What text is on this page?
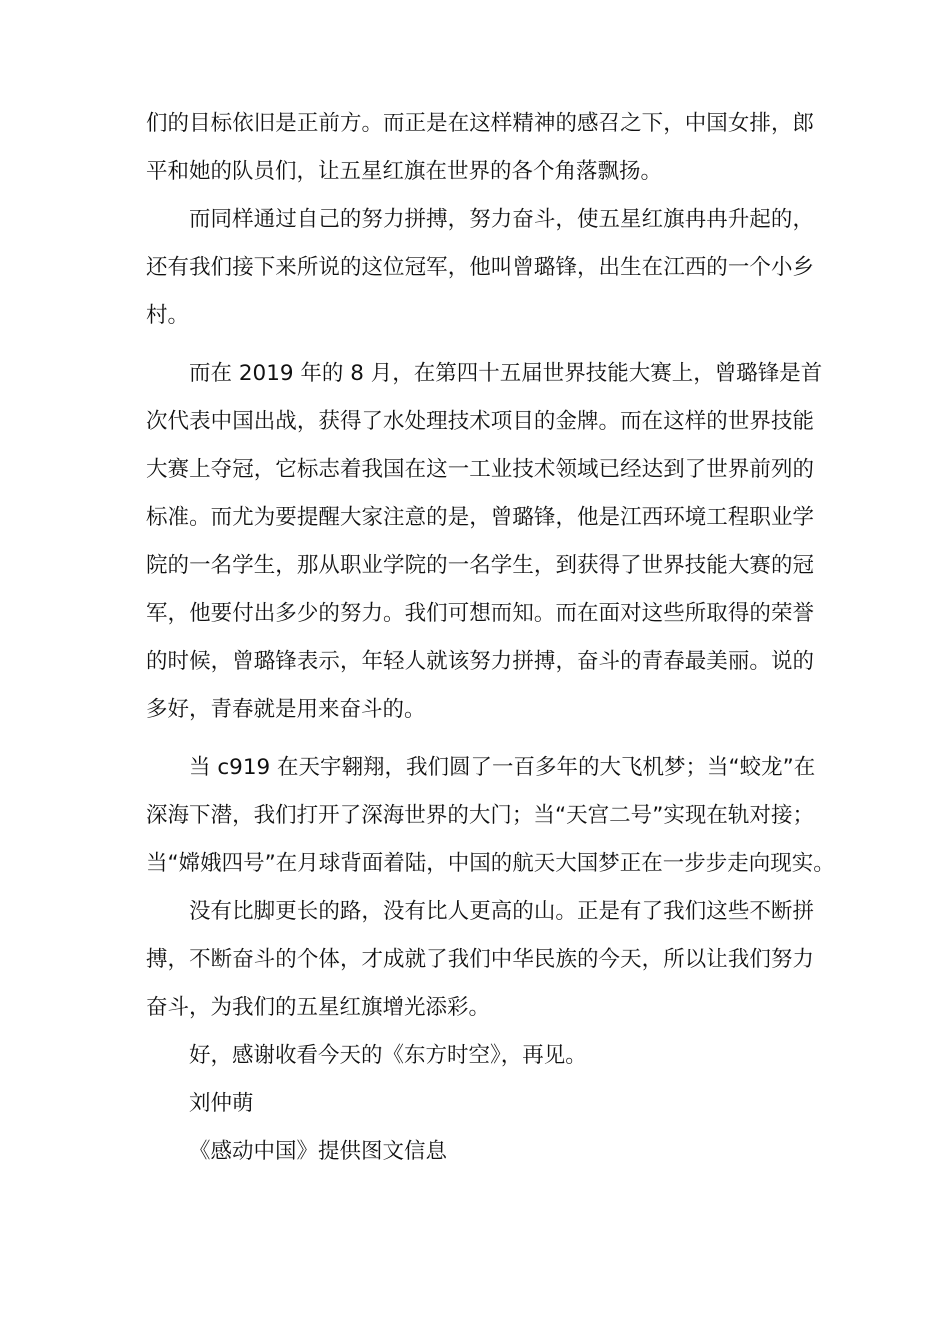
们的目标依旧是正前方。而正是在这样精神的感召之下，中国女排，郎
平和她的队员们，让五星红旗在世界的各个角落飘扬。
而同样通过自己的努力拼搏，努力奋斗，使五星红旗冉冉升起的，
还有我们接下来所说的这位冠军，他叫曾璐锋，出生在江西的一个小乡
村。
而在 2019 年的 8 月，在第四十五届世界技能大赛上，曾璐锋是首
次代表中国出战，获得了水处理技术项目的金牌。而在这样的世界技能
大赛上夺冠，它标志着我国在这一工业技术领域已经达到了世界前列的
标准。而尤为要提醒大家注意的是，曾璐锋，他是江西环境工程职业学
院的一名学生，那从职业学院的一名学生，到获得了世界技能大赛的冠
军，他要付出多少的努力。我们可想而知。而在面对这些所取得的荣誉
的时候，曾璐锋表示，年轻人就该努力拼搏，奋斗的青春最美丽。说的
多好，青春就是用来奋斗的。
当 c919 在天宇翱翔，我们圆了一百多年的大飞机梦；当“蛟龙”在
深海下潜，我们打开了深海世界的大门；当“天宫二号”实现在轨对接；
当“嫦娥四号”在月球背面着陆，中国的航天大国梦正在一步步走向现实。
没有比脚更长的路，没有比人更高的山。正是有了我们这些不断拼
搏，不断奋斗的个体，才成就了我们中华民族的今天，所以让我们努力
奋斗，为我们的五星红旗增光添彩。
好，感谢收看今天的《东方时空》，再见。
刘仲萌
《感动中国》提供图文信息
